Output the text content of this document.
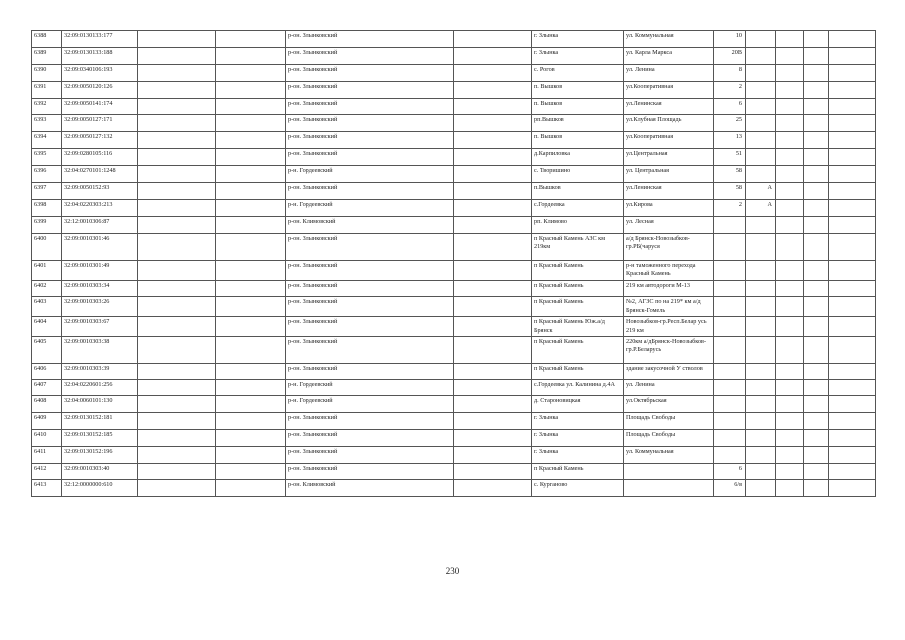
6388	32:09:0130133:177			р-он. Злынковский		г. Злынка	ул. Коммунальная	10				
6389	32:09:0130133:188			р-он. Злынковский		г. Злынка	ул. Карла Маркса	20В				
6390	32:09:0340106:193			р-он. Злынковский		с. Рогов	ул. Ленина	8				
6391	32:09:0050120:126			р-он. Злынковский		п. Вышков	ул.Кооперативная	2				
6392	32:09:0050141:174			р-он. Злынковский		п. Вышков	ул.Ленинская	6				
6393	32:09:0050127:171			р-он. Злынковский		рп.Вышков	ул.Клубная Площадь	25				
6394	32:09:0050127:132			р-он. Злынковский		п. Вышков	ул.Кооперативная	13				
6395	32:09:0280105:116			р-он. Злынковский		д.Карпиловка	ул.Центральная	51				
6396	32:04:0270101:1248			р-н. Гордеевский		с. Творишино	ул. Центральная	58				
6397	32:09:0050152:93			р-он. Злынковский		п.Вышков	ул.Ленинская	58	А			
6398	32:04:0220303:213			р-н. Гордеевский		с.Гордеевка	ул.Кирова	2	А			
6399	32:12:0010306:87			р-он. Климовский		рп. Климово	ул. Лесная					
6400	32:09:0010301:46			р-он. Злынковский		п Красный Камень АЗС км 219км	а/д Брянск-Новозыбков-гр.РБ(чаруся					
6401	32:09:0010301:49			р-он. Злынковский		п Красный Камень	р-н таможенного перехода Красный Камень					
6402	32:09:0010303:34			р-он. Злынковский		п Красный Камень	219 км автодороги М-13					
6403	32:09:0010303:26			р-он. Злынковский		п Красный Камень	№2, АГЗС по на 219* км а/д Брянск-Гомель					
6404	32:09:0010303:67			р-он. Злынковский		п Красный Камень Юж.а/д Брянск	Новозыбков-гр.Респ.Белар усь 219 км					
6405	32:09:0010303:38			р-он. Злынковский		п Красный Камень	220км а/дБрянск-Новозыбков-гр.Р.Беларусь					
6406	32:09:0010303:39			р-он. Злынковский		п Красный Камень	здание закусочной У стволов					
6407	32:04:0220601:256			р-н. Гордеевский		с.Гордеевка ул. Калинина д.4А	ул. Ленина					
6408	32:04:0060101:130			р-н. Гордеевский		д. Староновицкая	ул.Октябрьская					
6409	32:09:0130152:181			р-он. Злынковский		г. Злынка	Площадь Свободы					
6410	32:09:0130152:185			р-он. Злынковский		г. Злынка	Площадь Свободы					
6411	32:09:0130152:196			р-он. Злынковский		г. Злынка	ул. Коммунальная					
6412	32:09:0010303:40			р-он. Злынковский		п Красный Камень		6				
6413	32:12:0000000:610			р-он. Климовский		с. Курганово		6/в				
230
